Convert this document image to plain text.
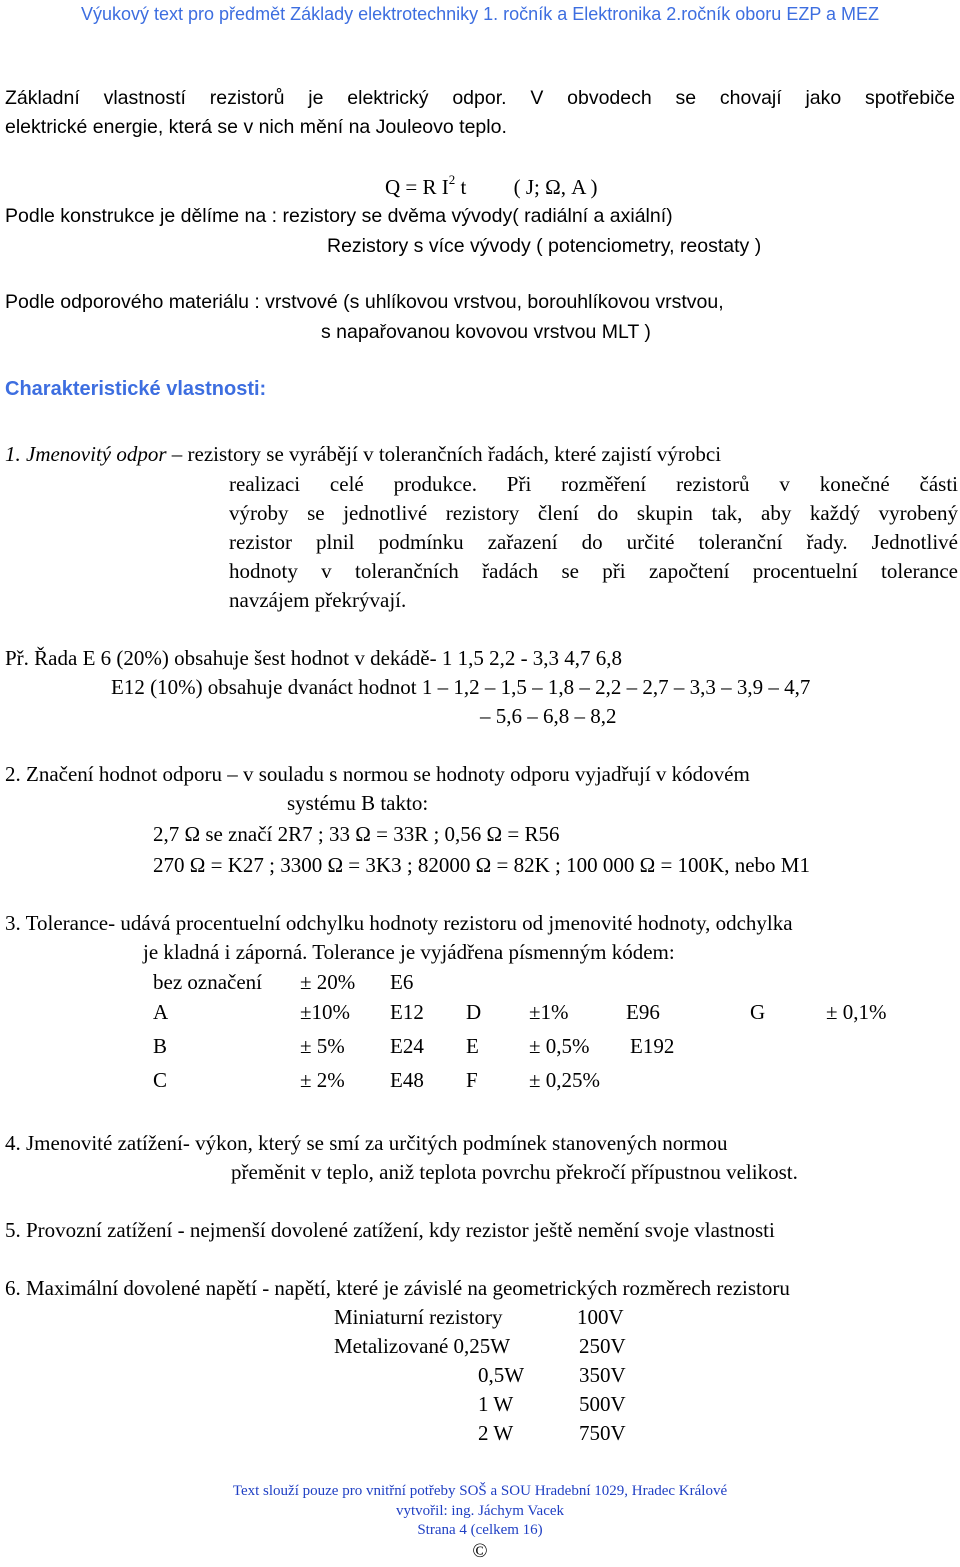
Výukový text pro předmět Základy elektrotechniky 1. ročník a Elektronika 2.ročník oboru EZP a MEZ
Základní vlastností rezistorů je elektrický odpor. V obvodech se chovají jako spotřebiče
elektrické energie, která se v nich mění na Jouleovo teplo.
Q = R $I^2$ t ( J; Ω, A )
Podle konstrukce je dělíme na : rezistory se dvěma vývody( radiální a axiální)
Rezistory s více vývody ( potenciometry, reostaty )
Podle odporového materiálu : vrstvové (s uhlíkovou vrstvou, borouhlíkovou vrstvou,
s napařovanou kovovou vrstvou MLT )
Charakteristické vlastnosti:
1. Jmenovitý odpor – rezistory se vyrábějí v tolerančních řadách, které zajistí výrobci
realizaci celé produkce. Při rozměření rezistorů v konečné části
výroby se jednotlivé rezistory člení do skupin tak, aby každý vyrobený
rezistor plnil podmínku zařazení do určité toleranční řady. Jednotlivé
hodnoty v tolerančních řadách se při započtení procentuelní tolerance
navzájem překrývají.
Př. Řada E 6 (20%) obsahuje šest hodnot v dekádě- 1 1,5 2,2 - 3,3 4,7 6,8
E12 (10%) obsahuje dvanáct hodnot 1 – 1,2 – 1,5 – 1,8 – 2,2 – 2,7 – 3,3 – 3,9 – 4,7
– 5,6 – 6,8 – 8,2
2. Značení hodnot odporu – v souladu s normou se hodnoty odporu vyjadřují v kódovém
systému B takto:
2,7 Ω se značí 2R7 ; 33 Ω = 33R ; 0,56 Ω = R56
270 Ω = K27 ; 3300 Ω = 3K3 ; 82000 Ω = 82K ; 100 000 Ω = 100K, nebo M1
3. Tolerance- udává procentuelní odchylku hodnoty rezistoru od jmenovité hodnoty, odchylka
je kladná i záporná. Tolerance je vyjádřena písmenným kódem:
bez označení ± 20% E6
A	±10% E12 D ±1%	E96	G	± 0,1%
B	± 5% E24 E ± 0,5% E192
C	± 2% E48 F ± 0,25%
4. Jmenovité zatížení- výkon, který se smí za určitých podmínek stanovených normou
přeměnit v teplo, aniž teplota povrchu překročí přípustnou velikost.
5. Provozní zatížení - nejmenší dovolené zatížení, kdy rezistor ještě nemění svoje vlastnosti
6. Maximální dovolené napětí - napětí, které je závislé na geometrických rozměrech rezistoru
Miniaturní rezistory	100V
Metalizované 0,25W	250V
0,5W	350V
1 W	500V
2 W	750V
Text slouží pouze pro vnitřní potřeby SOŠ a SOU Hradební 1029, Hradec Králové
vytvořil: ing. Jáchym Vacek
Strana 4 (celkem 16)
©
